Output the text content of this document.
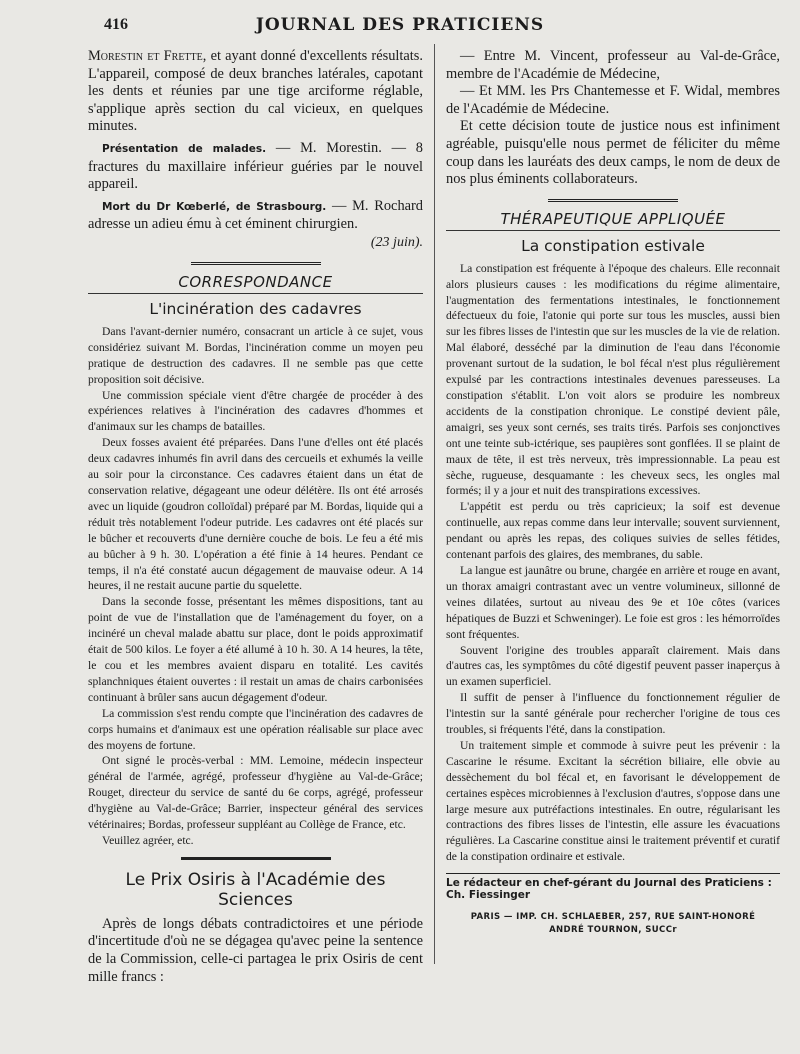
416	JOURNAL DES PRATICIENS

Morestin et Frette, et ayant donné d'excellents résultats. L'appareil, composé de deux branches latérales, capotant les dents et réunies par une tige arciforme réglable, s'applique après section du cal vicieux, en quelques minutes.

Présentation de malades. — M. Morestin. — 8 fractures du maxillaire inférieur guéries par le nouvel appareil.

Mort du Dr Kœberlé, de Strasbourg. — M. Rochard adresse un adieu ému à cet éminent chirurgien.

(23 juin).
CORRESPONDANCE
L'incinération des cadavres

Dans l'avant-dernier numéro, consacrant un article à ce sujet, vous considériez suivant M. Bordas, l'incinération comme un moyen peu pratique de destruction des cadavres. Il ne semble pas que cette proposition soit décisive.

Une commission spéciale vient d'être chargée de procéder à des expériences relatives à l'incinération des cadavres d'hommes et d'animaux sur les champs de batailles.

Deux fosses avaient été préparées. Dans l'une d'elles ont été placés deux cadavres inhumés fin avril dans des cercueils et exhumés la veille au soir pour la circonstance. Ces cadavres étaient dans un état de conservation relative, dégageant une odeur délétère. Ils ont été arrosés avec un liquide (goudron colloïdal) préparé par M. Bordas, liquide qui a réduit très notablement l'odeur putride. Les cadavres ont été placés sur le bûcher et recouverts d'une dernière couche de bois. Le feu a été mis au bûcher à 9 h. 30. L'opération a été finie à 14 heures. Pendant ce temps, il n'a été constaté aucun dégagement de mauvaise odeur. A 14 heures, il ne restait aucune partie du squelette.

Dans la seconde fosse, présentant les mêmes dispositions, tant au point de vue de l'installation que de l'aménagement du foyer, on a incinéré un cheval malade abattu sur place, dont le poids approximatif était de 500 kilos. Le foyer a été allumé à 10 h. 30. A 14 heures, la tête, le cou et les membres avaient disparu en totalité. Les cavités splanchniques étaient ouvertes : il restait un amas de chairs carbonisées continuant à brûler sans aucun dégagement d'odeur.

La commission s'est rendu compte que l'incinération des cadavres de corps humains et d'animaux est une opération réalisable sur place avec des moyens de fortune.

Ont signé le procès-verbal : MM. Lemoine, médecin inspecteur général de l'armée, agrégé, professeur d'hygiène au Val-de-Grâce; Rouget, directeur du service de santé du 6e corps, agrégé, professeur d'hygiène au Val-de-Grâce; Barrier, inspecteur général des services vétérinaires; Bordas, professeur suppléant au Collège de France, etc.

Veuillez agréer, etc.

Le Prix Osiris à l'Académie des Sciences

Après de longs débats contradictoires et une période d'incertitude d'où ne se dégagea qu'avec peine la sentence de la Commission, celle-ci partagea le prix Osiris de cent mille francs :

— Entre M. Vincent, professeur au Val-de-Grâce, membre de l'Académie de Médecine,

— Et MM. les Prs Chantemesse et F. Widal, membres de l'Académie de Médecine.

Et cette décision toute de justice nous est infiniment agréable, puisqu'elle nous permet de féliciter du même coup dans les lauréats des deux camps, le nom de deux de nos plus éminents collaborateurs.

THÉRAPEUTIQUE APPLIQUÉE
La constipation estivale

La constipation est fréquente à l'époque des chaleurs. Elle reconnait alors plusieurs causes : les modifications du régime alimentaire, l'augmentation des fermentations intestinales, le fonctionnement défectueux du foie, l'atonie qui porte sur tous les muscles, aussi bien sur les fibres lisses de l'intestin que sur les muscles de la vie de relation. Mal élaboré, desséché par la diminution de l'eau dans l'économie provenant surtout de la sudation, le bol fécal n'est plus régulièrement expulsé par les contractions intestinales devenues paresseuses. La constipation s'établit. L'on voit alors se produire les nombreux accidents de la constipation chronique. Le constipé devient pâle, amaigri, ses yeux sont cernés, ses traits tirés. Parfois ses conjonctives ont une teinte sub-ictérique, ses paupières sont gonflées. Il se plaint de maux de tête, il est très nerveux, très impressionnable. La peau est sèche, rugueuse, desquamante : les cheveux secs, les ongles mal formés; il y a jour et nuit des transpirations excessives.

L'appétit est perdu ou très capricieux; la soif est devenue continuelle, aux repas comme dans leur intervalle; souvent surviennent, pendant ou après les repas, des coliques suivies de selles fétides, contenant parfois des glaires, des membranes, du sable.

La langue est jaunâtre ou brune, chargée en arrière et rouge en avant, un thorax amaigri contrastant avec un ventre volumineux, sillonné de veines dilatées, surtout au niveau des 9e et 10e côtes (varices hépatiques de Buzzi et Schweninger). Le foie est gros : les hémorroïdes sont fréquentes.

Souvent l'origine des troubles apparaît clairement. Mais dans d'autres cas, les symptômes du côté digestif peuvent passer inaperçus à un examen superficiel.

Il suffit de penser à l'influence du fonctionnement régulier de l'intestin sur la santé générale pour rechercher l'origine de tous ces troubles, si fréquents l'été, dans la constipation.

Un traitement simple et commode à suivre peut les prévenir : la Cascarine le résume. Excitant la sécrétion biliaire, elle obvie au dessèchement du bol fécal et, en favorisant le développement de certaines espèces microbiennes à l'exclusion d'autres, s'oppose dans une large mesure aux putréfactions intestinales. En outre, régularisant les contractions des fibres lisses de l'intestin, elle assure les évacuations régulières. La Cascarine constitue ainsi le traitement préventif et curatif de la constipation ordinaire et estivale.

Le rédacteur en chef-gérant du Journal des Praticiens : Ch. Fiessinger
PARIS — IMP. CH. SCHLAEBER, 257, RUE SAINT-HONORÉ
ANDRÉ TOURNON, SUCCr
